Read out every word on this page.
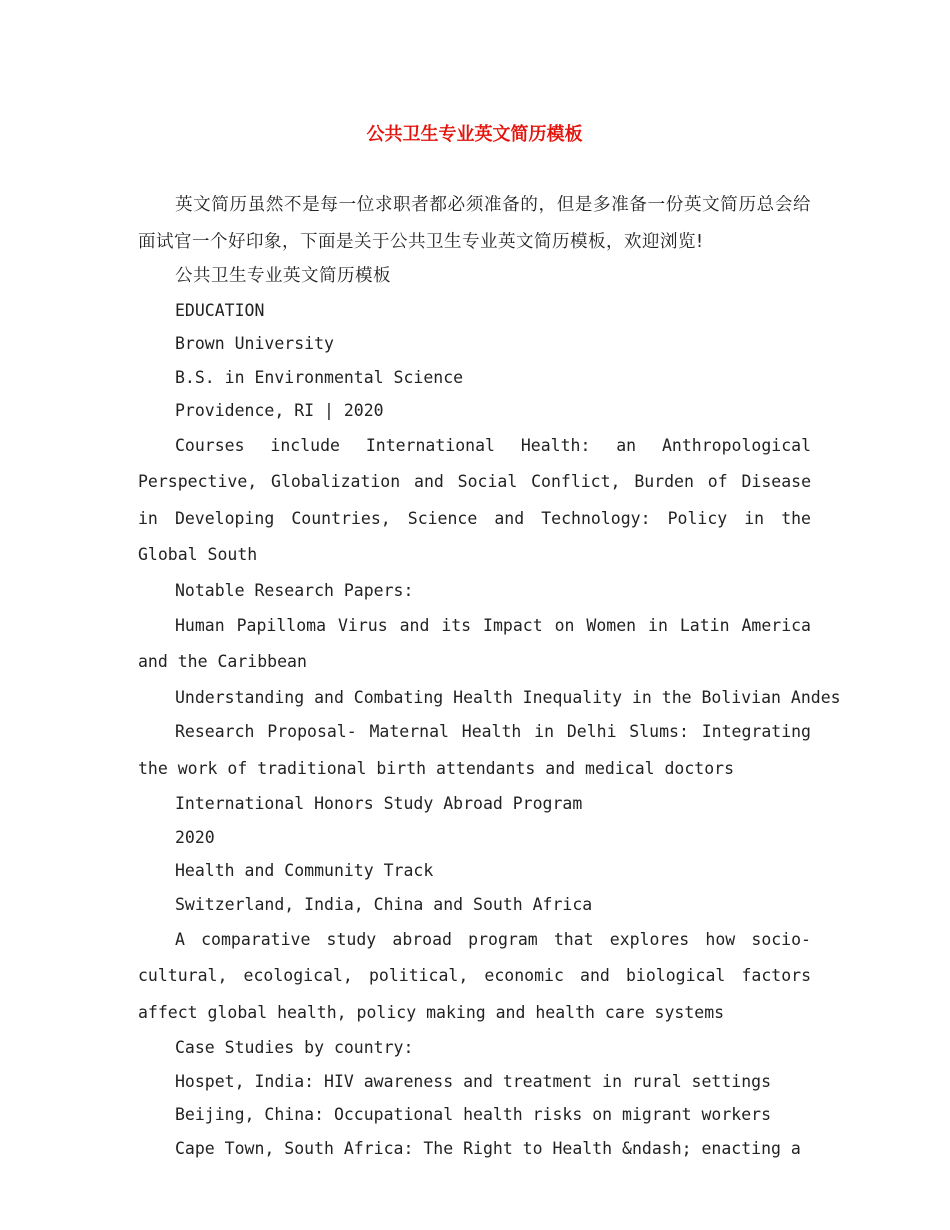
公共卫生专业英文简历模板

英文简历虽然不是每一位求职者都必须准备的，但是多准备一份英文简历总会给面试官一个好印象，下面是关于公共卫生专业英文简历模板，欢迎浏览!

公共卫生专业英文简历模板

EDUCATION

Brown University

B.S. in Environmental Science

Providence, RI | 2020

Courses include International Health: an Anthropological Perspective, Globalization and Social Conflict, Burden of Disease in Developing Countries, Science and Technology: Policy in the Global South

Notable Research Papers:

Human Papilloma Virus and its Impact on Women in Latin America and the Caribbean

Understanding and Combating Health Inequality in the Bolivian Andes

Research Proposal- Maternal Health in Delhi Slums: Integrating the work of traditional birth attendants and medical doctors

International Honors Study Abroad Program

2020

Health and Community Track

Switzerland, India, China and South Africa

A comparative study abroad program that explores how socio-cultural, ecological, political, economic and biological factors affect global health, policy making and health care systems

Case Studies by country:

Hospet, India: HIV awareness and treatment in rural settings

Beijing, China: Occupational health risks on migrant workers

Cape Town, South Africa: The Right to Health &ndash; enacting a
